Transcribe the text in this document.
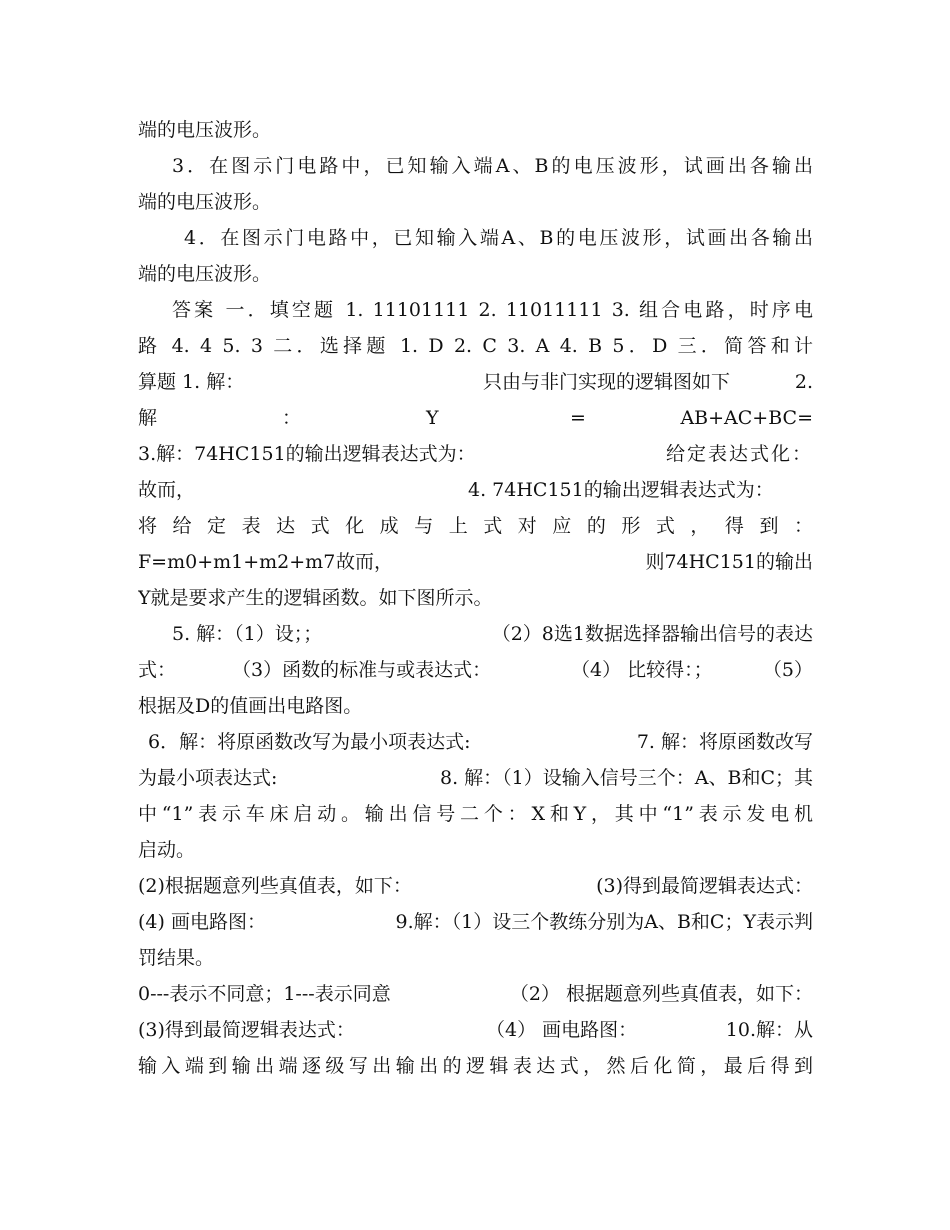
端的电压波形。
3．在图示门电路中，已知输入端A、B的电压波形，试画出各输出
端的电压波形。
4．在图示门电路中，已知输入端A、B的电压波形，试画出各输出
端的电压波形。
答案 一．填空题 1. 11101111 2. 11011111 3. 组合电路，时序电
路 4. 4 5. 3 二．选择题 1. D 2. C 3. A 4. B 5．D 三．简答和计
算题 1. 解：	只由与非门实现的逻辑图如下	2.
解	：	Y	=	AB+AC+BC=
3.解：74HC151的输出逻辑表达式为：	给定表达式化：
故而，	4. 74HC151的输出逻辑表达式为：
将给定表达式化成与上式对应的形式，得到：
F=m0+m1+m2+m7 故而，	则74HC151的输出
Y就是要求产生的逻辑函数。如下图所示。
5. 解：（1）设；；	（2）8选1数据选择器输出信号的表达
式：	（3）函数的标准与或表达式：	（4） 比较得：；	（5）
根据及D的值画出电路图。
6．解：将原函数改写为最小项表达式:	7. 解：将原函数改写
为最小项表达式:	8. 解：（1）设输入信号三个：A、B和C；其
中“1”表示车床启动。输出信号二个：X和Y，其中“1”表示发电机
启动。
(2)根据题意列些真值表，如下：	(3)得到最简逻辑表达式：
(4) 画电路图：	9.解：（1）设三个教练分别为A、B和C；Y表示判
罚结果。
0---表示不同意；1---表示同意	（2） 根据题意列些真值表，如下：
(3)得到最简逻辑表达式：	（4） 画电路图：	10.解：从
输入端到输出端逐级写出输出的逻辑表达式，然后化简，最后得到
